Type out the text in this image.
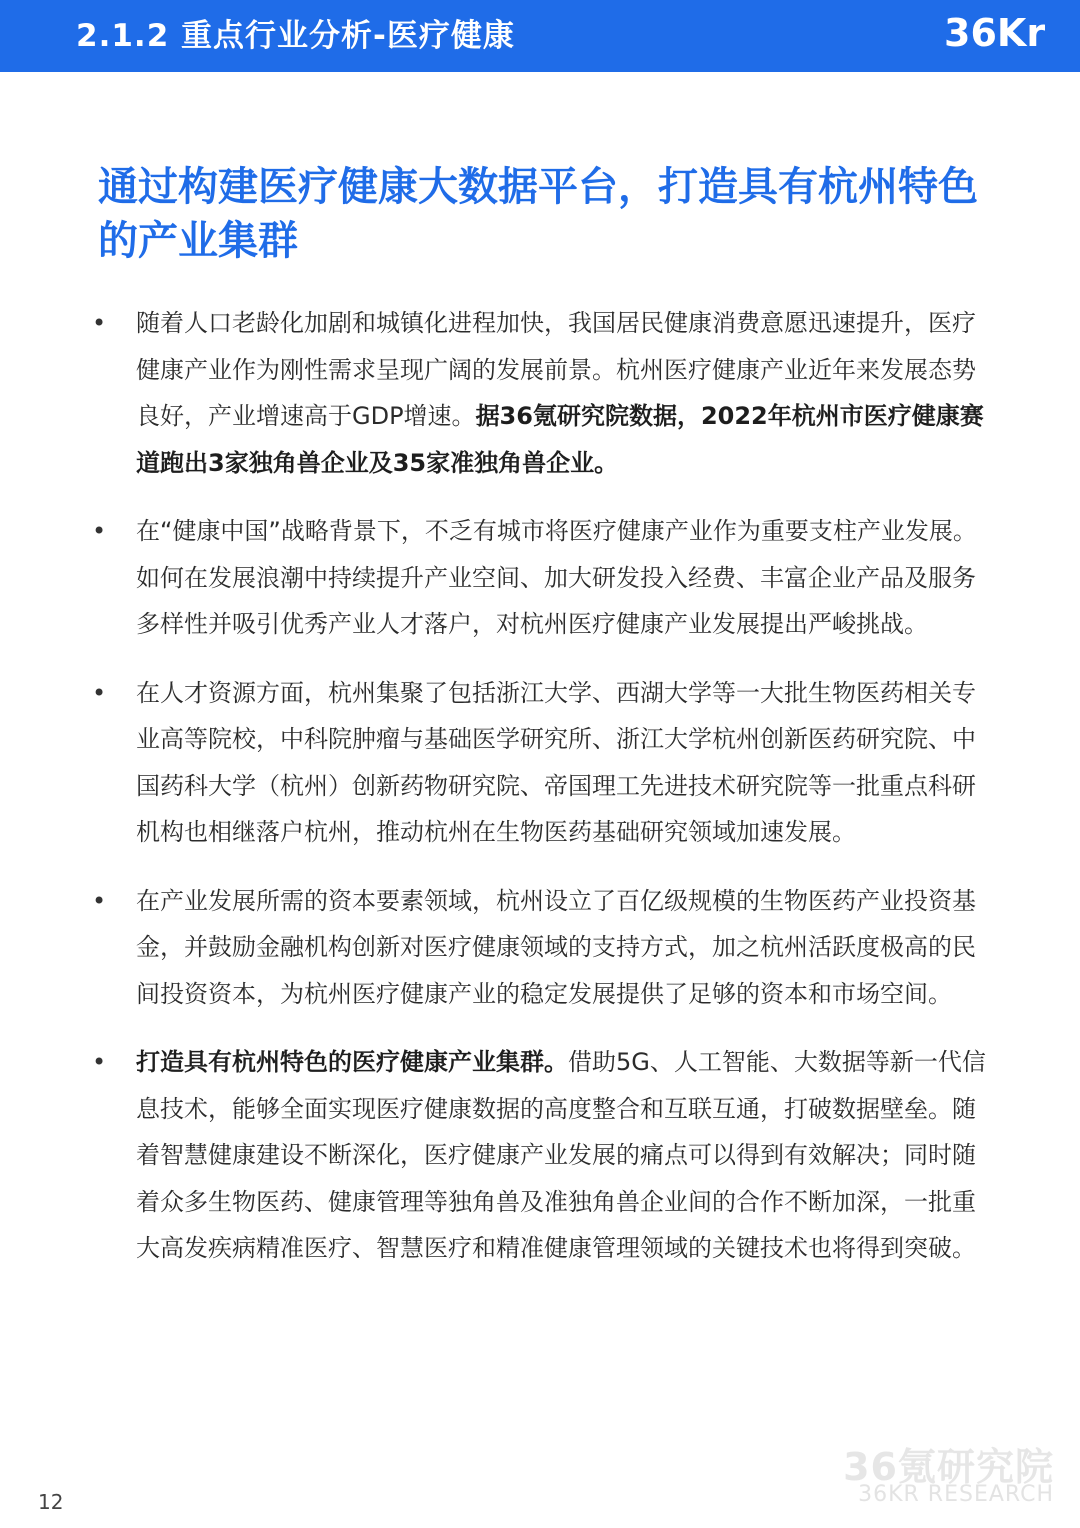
2.1.2 重点行业分析-医疗健康	36Kr
通过构建医疗健康大数据平台，打造具有杭州特色的产业集群
• 随着人口老龄化加剧和城镇化进程加快，我国居民健康消费意愿迅速提升，医疗健康产业作为刚性需求呈现广阔的发展前景。杭州医疗健康产业近年来发展态势良好，产业增速高于GDP增速。据36氪研究院数据，2022年杭州市医疗健康赛道跑出3家独角兽企业及35家准独角兽企业。
• 在“健康中国”战略背景下，不乏有城市将医疗健康产业作为重要支柱产业发展。如何在发展浪潮中持续提升产业空间、加大研发投入经费、丰富企业产品及服务多样性并吸引优秀产业人才落户，对杭州医疗健康产业发展提出严峻挑战。
• 在人才资源方面，杭州集聚了包括浙江大学、西湖大学等一大批生物医药相关专业高等院校，中科院肿瘤与基础医学研究所、浙江大学杭州创新医药研究院、中国药科大学（杭州）创新药物研究院、帝国理工先进技术研究院等一批重点科研机构也相继落户杭州，推动杭州在生物医药基础研究领域加速发展。
• 在产业发展所需的资本要素领域，杭州设立了百亿级规模的生物医药产业投资基金，并鼓励金融机构创新对医疗健康领域的支持方式，加之杭州活跃度极高的民间投资资本，为杭州医疗健康产业的稳定发展提供了足够的资本和市场空间。
• 打造具有杭州特色的医疗健康产业集群。借助5G、人工智能、大数据等新一代信息技术，能够全面实现医疗健康数据的高度整合和互联互通，打破数据壁垒。随着智慧健康建设不断深化，医疗健康产业发展的痛点可以得到有效解决；同时随着众多生物医药、健康管理等独角兽及准独角兽企业间的合作不断加深，一批重大高发疾病精准医疗、智慧医疗和精准健康管理领域的关键技术也将得到突破。
36氪研究院
36KR RESEARCH
12
